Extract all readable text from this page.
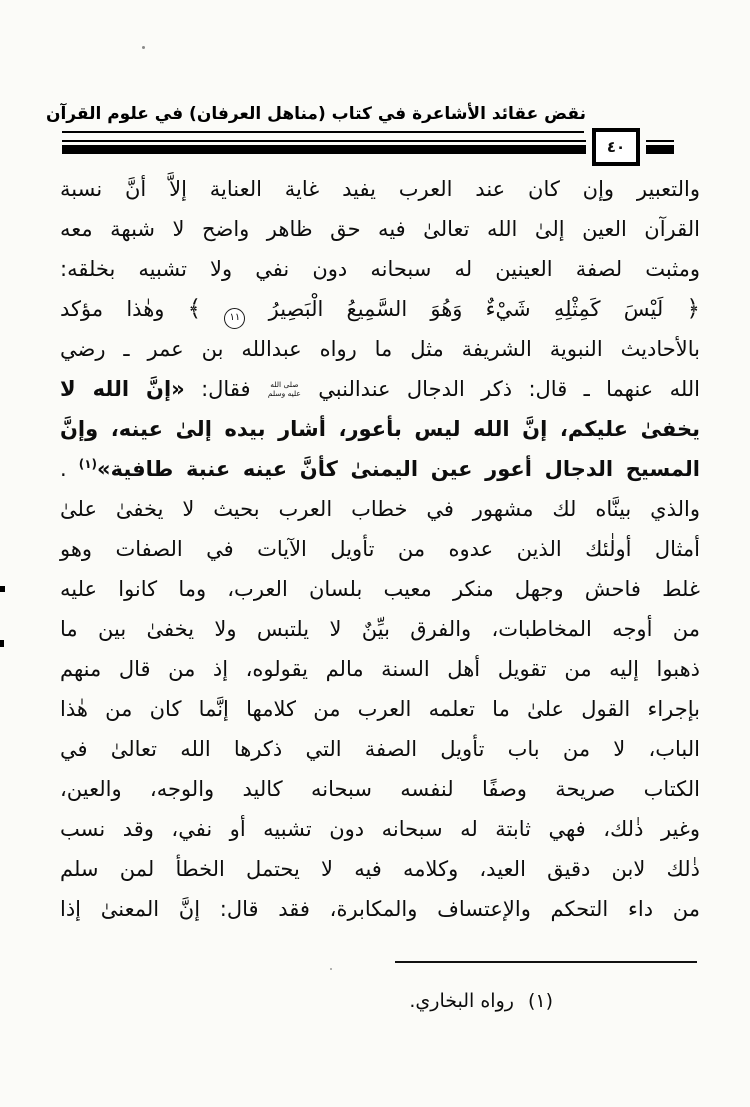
نقض عقائد الأشاعرة في كتاب (مناهل العرفان) في علوم القرآن
٤٠
والتعبير وإن كان عند العرب يفيد غاية العناية إلاَّ أنَّ نسبة
القرآن العين إلىٰ الله تعالىٰ فيه حق ظاهر واضح لا شبهة معه
ومثبت لصفة العينين له سبحانه دون نفي ولا تشبيه بخلقه:
﴿ لَيْسَ كَمِثْلِهِ شَيْءٌ وَهُوَ السَّمِيعُ الْبَصِيرُ ١١ ﴾ وهٰذا مؤكد
بالأحاديث النبوية الشريفة مثل ما رواه عبدالله بن عمر ـ رضي
الله عنهما ـ قال: ذكر الدجال عندالنبي
صلى الله
عليه وسلم
فقال: «إنَّ الله لا
يخفىٰ عليكم، إنَّ الله ليس بأعور، أشار بيده إلىٰ عينه، وإنَّ
المسيح الدجال أعور عين اليمنىٰ كأنَّ عينه عنبة طافية»$^{(١)}$ .
والذي بينَّاه لك مشهور في خطاب العرب بحيث لا يخفىٰ علىٰ
أمثال أولٰئك الذين عدوه من تأويل الآيات في الصفات وهو
غلط فاحش وجهل منكر معيب بلسان العرب، وما كانوا عليه
من أوجه المخاطبات، والفرق بيِّنٌ لا يلتبس ولا يخفىٰ بين ما
ذهبوا إليه من تقويل أهل السنة مالم يقولوه، إذ من قال منهم
بإجراء القول علىٰ ما تعلمه العرب من كلامها إنَّما كان من هٰذا
الباب، لا من باب تأويل الصفة التي ذكرها الله تعالىٰ في
الكتاب صريحة وصفًا لنفسه سبحانه كاليد والوجه، والعين،
وغير ذٰلك، فهي ثابتة له سبحانه دون تشبيه أو نفي، وقد نسب
ذٰلك لابن دقيق العيد، وكلامه فيه لا يحتمل الخطأ لمن سلم
من داء التحكم والإعتساف والمكابرة، فقد قال: إنَّ المعنىٰ إذا
(١)رواه البخاري.
